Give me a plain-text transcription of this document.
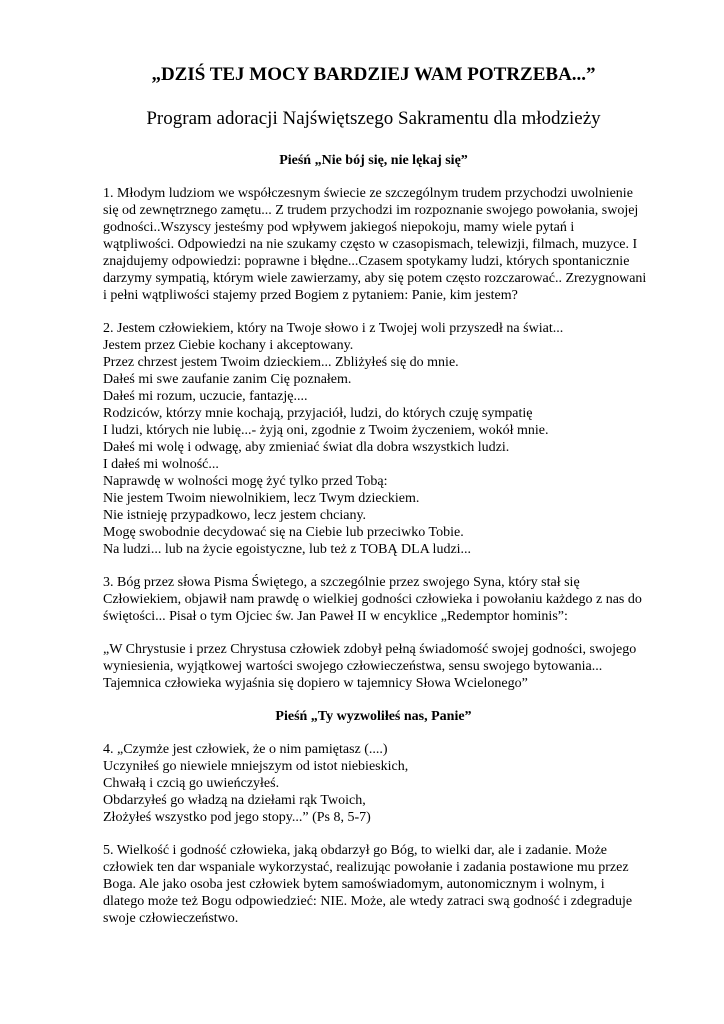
„DZIŚ TEJ MOCY BARDZIEJ WAM POTRZEBA...”
Program adoracji Najświętszego Sakramentu dla młodzieży
Pieśń „Nie bój się, nie lękaj się”
1. Młodym ludziom we współczesnym świecie ze szczególnym trudem przychodzi uwolnienie
się od zewnętrznego zamętu... Z trudem przychodzi im rozpoznanie swojego powołania, swojej
godności..Wszyscy jesteśmy pod wpływem jakiegoś niepokoju, mamy wiele pytań i
wątpliwości. Odpowiedzi na nie szukamy często w czasopismach, telewizji, filmach, muzyce. I
znajdujemy odpowiedzi: poprawne i błędne...Czasem spotykamy ludzi, których spontanicznie
darzymy sympatią, którym wiele zawierzamy, aby się potem często rozczarować.. Zrezygnowani
i pełni wątpliwości stajemy przed Bogiem z pytaniem: Panie, kim jestem?
2. Jestem człowiekiem, który na Twoje słowo i z Twojej woli przyszedł na świat...
Jestem przez Ciebie kochany i akceptowany.
Przez chrzest jestem Twoim dzieckiem... Zbliżyłeś się do mnie.
Dałeś mi swe zaufanie zanim Cię poznałem.
Dałeś mi rozum, uczucie, fantazję....
Rodziców, którzy mnie kochają, przyjaciół, ludzi, do których czuję sympatię
I ludzi, których nie lubię...- żyją oni, zgodnie z Twoim życzeniem, wokół mnie.
Dałeś mi wolę i odwagę, aby zmieniać świat dla dobra wszystkich ludzi.
I dałeś mi wolność...
Naprawdę w wolności mogę żyć tylko przed Tobą:
Nie jestem Twoim niewolnikiem, lecz Twym dzieckiem.
Nie istnieję przypadkowo, lecz jestem chciany.
Mogę swobodnie decydować się na Ciebie lub przeciwko Tobie.
Na ludzi... lub na życie egoistyczne, lub też z TOBĄ DLA ludzi...
3. Bóg przez słowa Pisma Świętego, a szczególnie przez swojego Syna, który stał się
Człowiekiem, objawił nam prawdę o wielkiej godności człowieka i powołaniu każdego z nas do
świętości... Pisał o tym Ojciec św. Jan Paweł II w encyklice „Redemptor hominis”:
„W Chrystusie i przez Chrystusa człowiek zdobył pełną świadomość swojej godności, swojego
wyniesienia, wyjątkowej wartości swojego człowieczeństwa, sensu swojego bytowania...
Tajemnica człowieka wyjaśnia się dopiero w tajemnicy Słowa Wcielonego”
Pieśń „Ty wyzwoliłeś nas, Panie”
4. „Czymże jest człowiek, że o nim pamiętasz (....)
Uczyniłeś go niewiele mniejszym od istot niebieskich,
Chwałą i czcią go uwieńczyłeś.
Obdarzyłeś go władzą na dziełami rąk Twoich,
Złożyłeś wszystko pod jego stopy...” (Ps 8, 5-7)
5. Wielkość i godność człowieka, jaką obdarzył go Bóg, to wielki dar, ale i zadanie. Może
człowiek ten dar wspaniale wykorzystać, realizując powołanie i zadania postawione mu przez
Boga. Ale jako osoba jest człowiek bytem samoświadomym, autonomicznym i wolnym, i
dlatego może też Bogu odpowiedzieć: NIE. Może, ale wtedy zatraci swą godność i zdegraduje
swoje człowieczeństwo.
